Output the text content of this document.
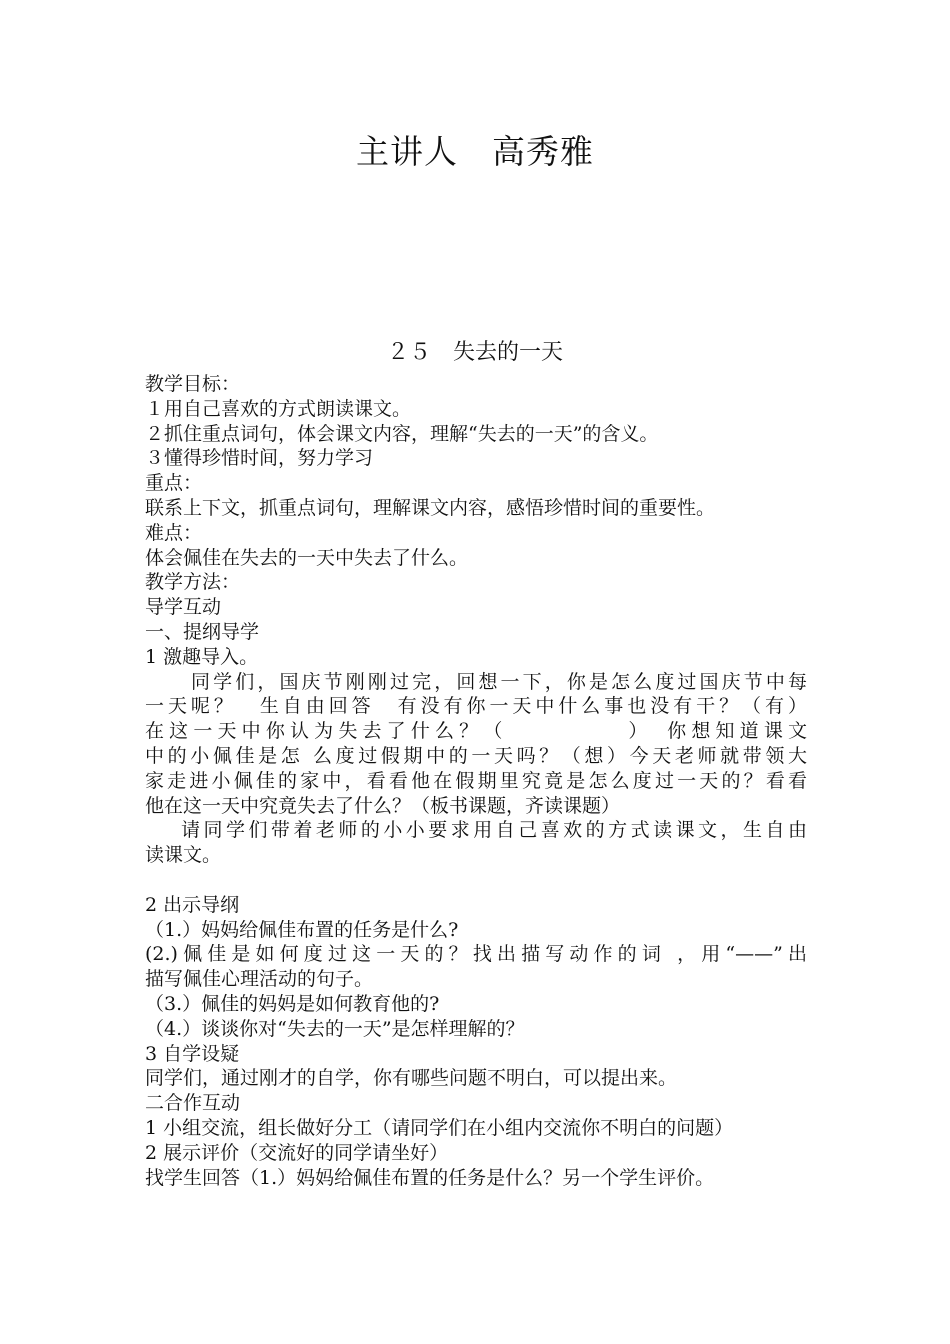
主讲人　高秀雅
２５　失去的一天
教学目标：
１用自己喜欢的方式朗读课文。
２抓住重点词句，体会课文内容，理解“失去的一天”的含义。
３懂得珍惜时间，努力学习
重点：
联系上下文，抓重点词句，理解课文内容，感悟珍惜时间的重要性。
难点：
体会佩佳在失去的一天中失去了什么。
教学方法：
导学互动
一、提纲导学
1 激趣导入。
同学们，国庆节刚刚过完，回想一下，你是怎么度过国庆节中每
一天呢？　生自由回答　有没有你一天中什么事也没有干？（有）
在这一天中你认为失去了什么？（　　　　　）　你想知道课文
中的小佩佳是怎 么度过假期中的一天吗？（想）今天老师就带领大
家走进小佩佳的家中，看看他在假期里究竟是怎么度过一天的？看看
他在这一天中究竟失去了什么？（板书课题，齐读课题）
请同学们带着老师的小小要求用自己喜欢的方式读课文，生自由
读课文。
2 出示导纲
（1.）妈妈给佩佳布置的任务是什么?
(2.)佩佳是如何度过这一天的？找出描写动作的词 ，用“——”出
描写佩佳心理活动的句子。
（3.）佩佳的妈妈是如何教育他的?
（4.）谈谈你对“失去的一天”是怎样理解的？
3 自学设疑
同学们，通过刚才的自学，你有哪些问题不明白，可以提出来。
二合作互动
1 小组交流，组长做好分工（请同学们在小组内交流你不明白的问题）
2 展示评价（交流好的同学请坐好）
找学生回答（1.）妈妈给佩佳布置的任务是什么？另一个学生评价。
